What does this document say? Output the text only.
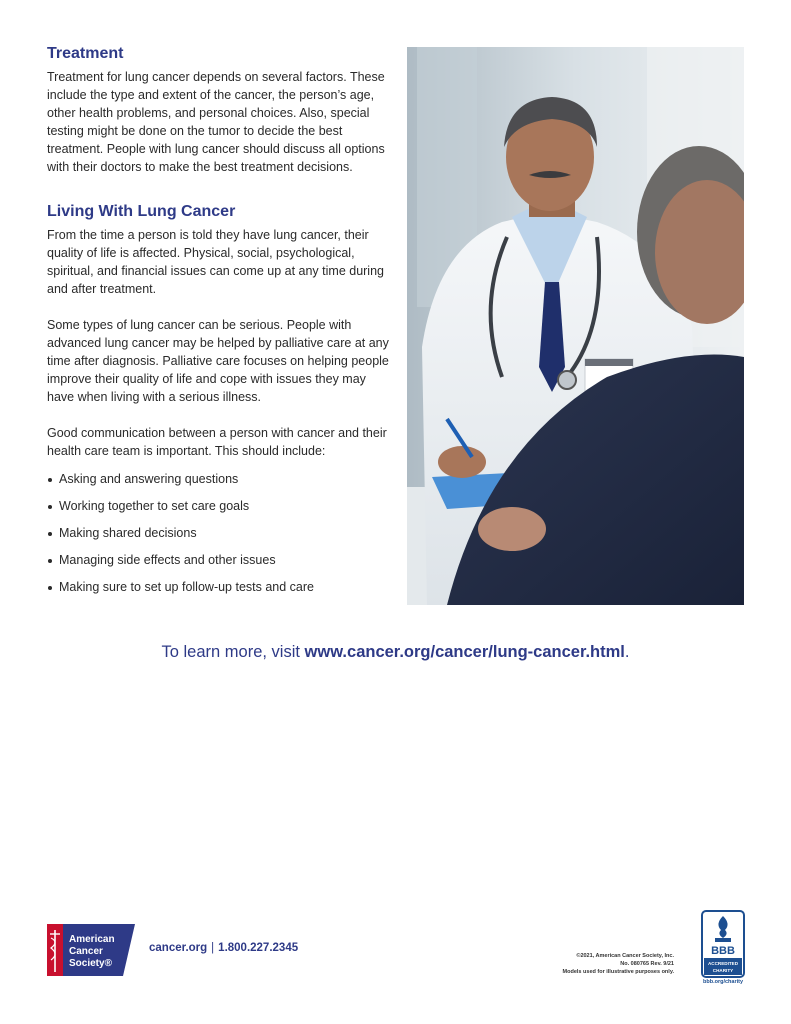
Treatment

Treatment for lung cancer depends on several factors. These include the type and extent of the cancer, the person’s age, other health problems, and personal choices. Also, special testing might be done on the tumor to decide the best treatment. People with lung cancer should discuss all options with their doctors to make the best treatment decisions.

Living With Lung Cancer

From the time a person is told they have lung cancer, their quality of life is affected. Physical, social, psychological, spiritual, and financial issues can come up at any time during and after treatment.

Some types of lung cancer can be serious. People with advanced lung cancer may be helped by palliative care at any time after diagnosis. Palliative care focuses on helping people improve their quality of life and cope with issues they may have when living with a serious illness.

Good communication between a person with cancer and their health care team is important. This should include:

Asking and answering questions
Working together to set care goals
Making shared decisions
Managing side effects and other issues
Making sure to set up follow-up tests and care
To learn more, visit www.cancer.org/cancer/lung-cancer.html.
American
Cancer
Society®
cancer.org | 1.800.227.2345
©2021, American Cancer Society, Inc.
No. 080765 Rev. 9/21
Models used for illustrative purposes only.
BBB
ACCREDITED
CHARITY
bbb.org/charity
